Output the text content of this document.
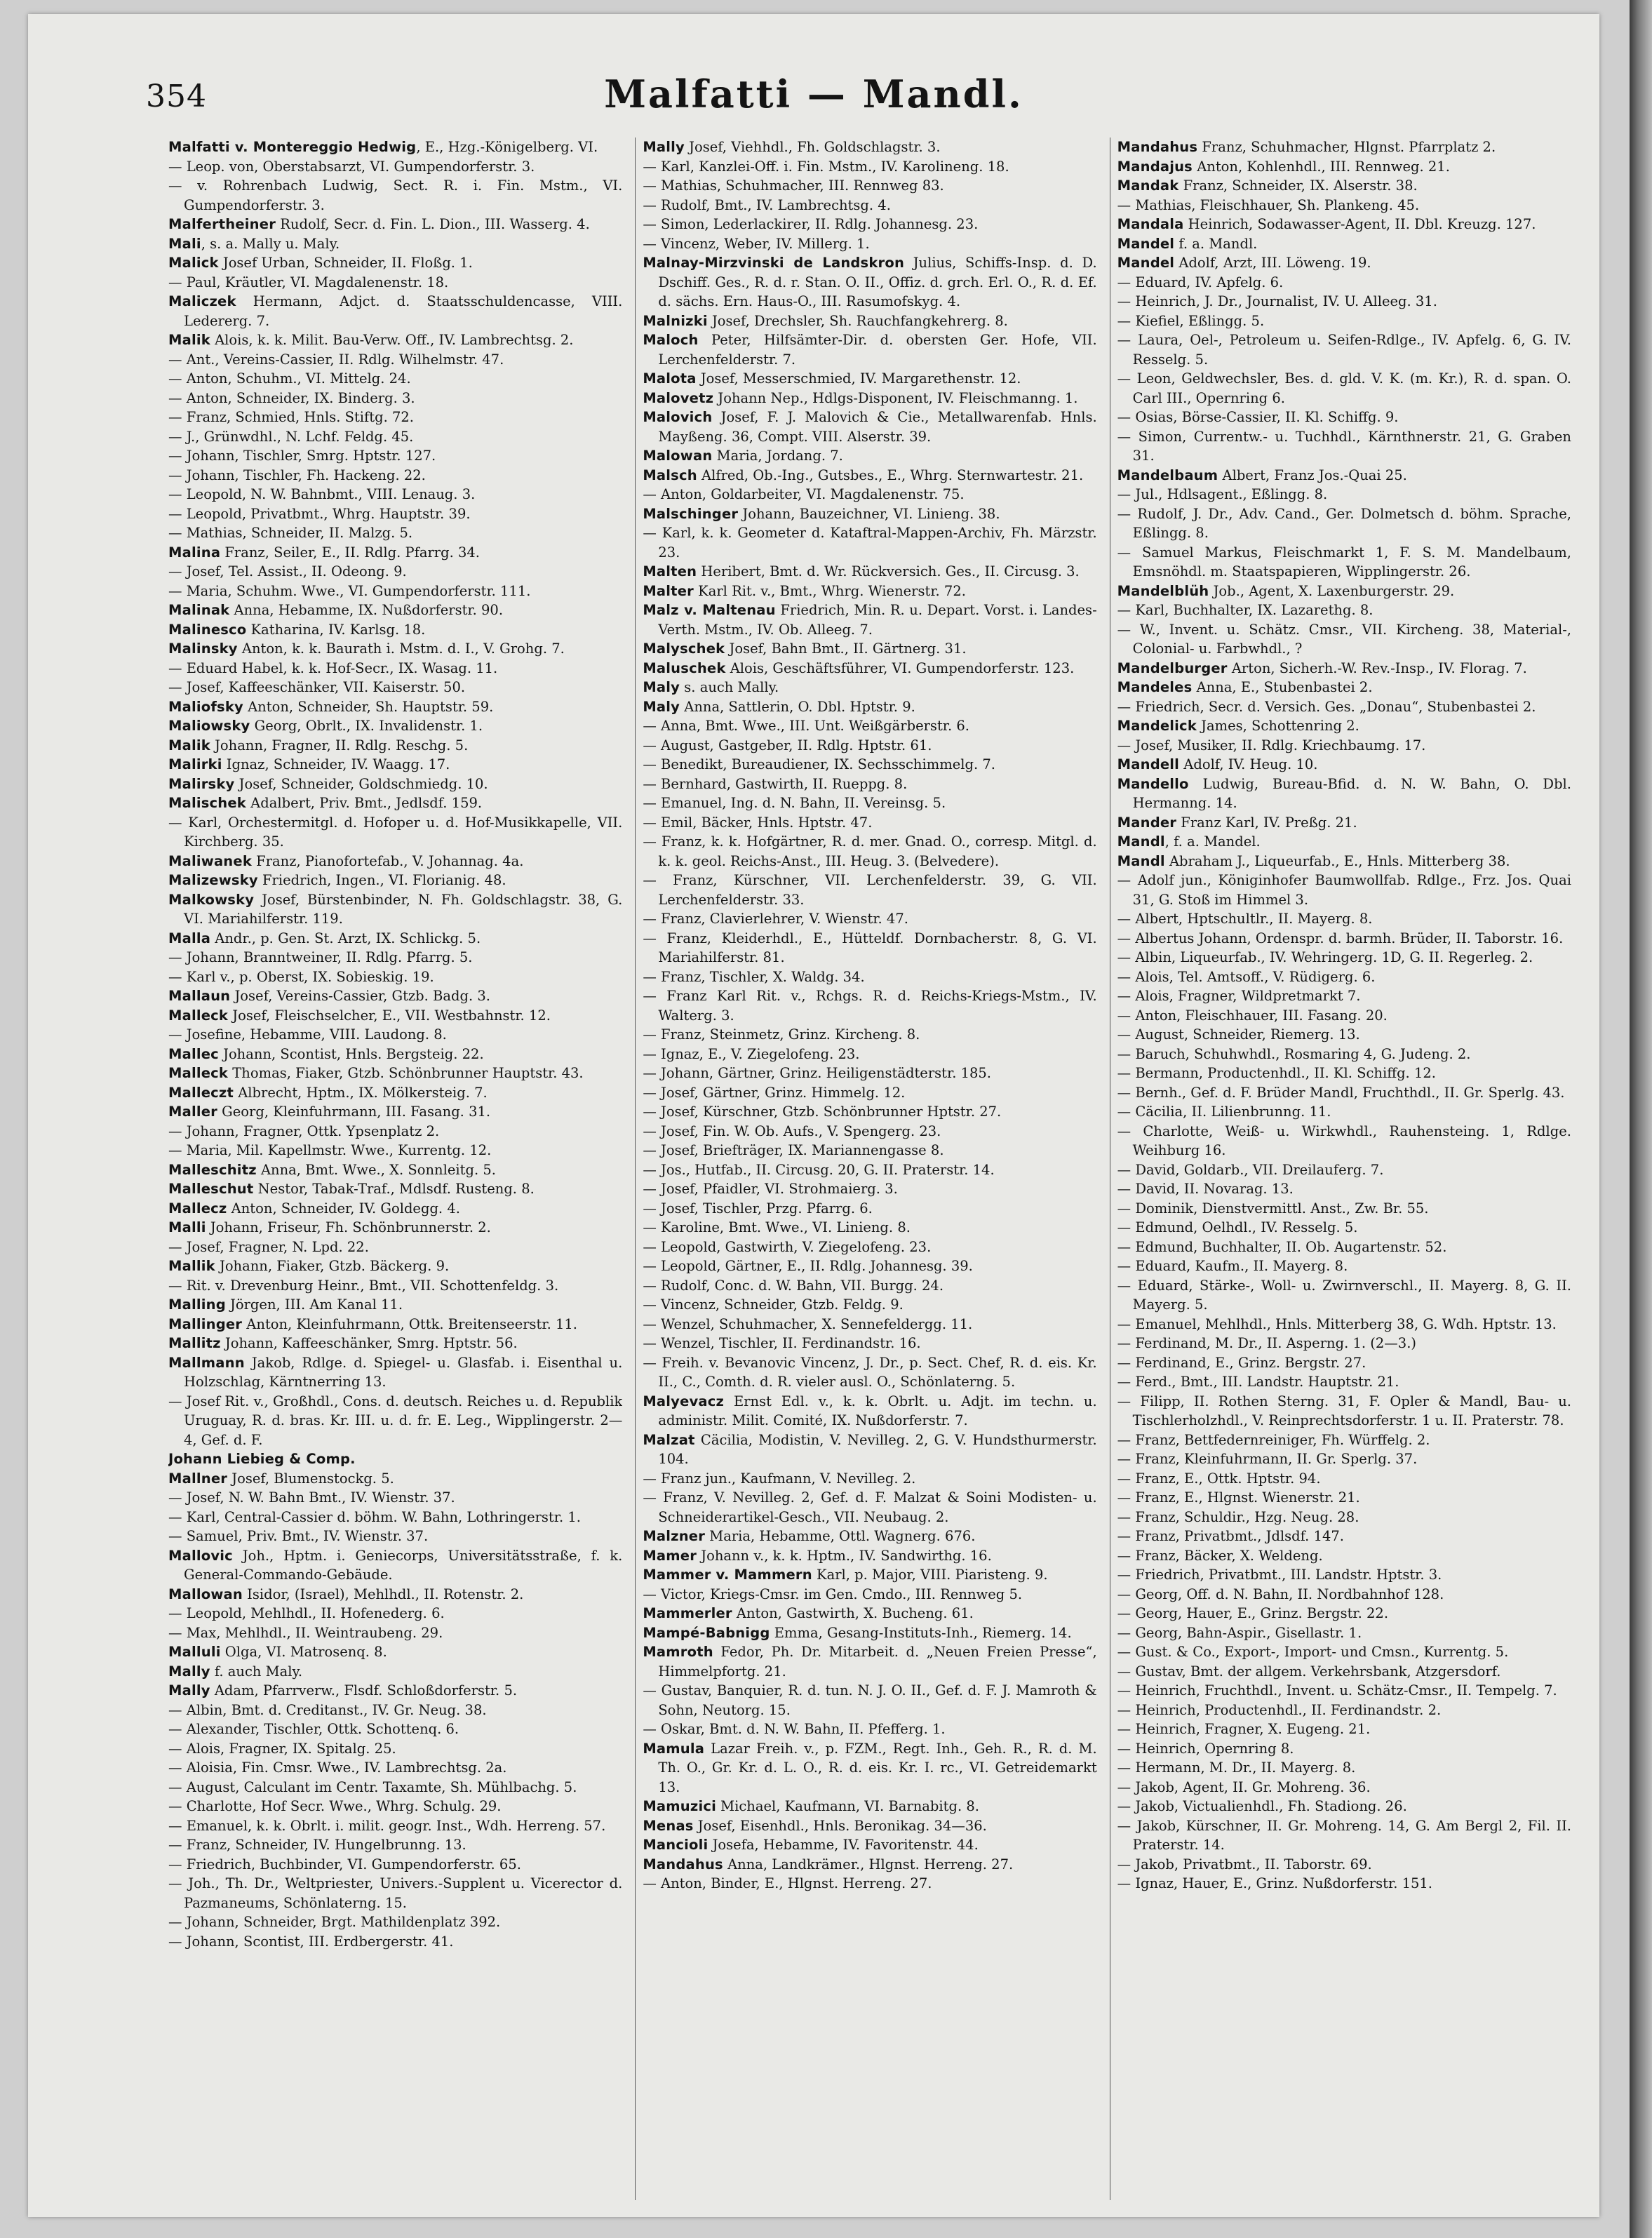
354	Malfatti — Mandl.
Malfatti v. Montereggio Hedwig, E., Hzg.-Königelberg. VI.
— Leop. von, Oberstabsarzt, VI. Gumpendorferstr. 3.
— v. Rohrenbach Ludwig, Sect. R. i. Fin. Mstm., VI. Gumpendorferstr. 3.
Malfertheiner Rudolf, Secr. d. Fin. L. Dion., III. Wasserg. 4.
Mali, s. a. Mally u. Maly.
Malick Josef Urban, Schneider, II. Floßg. 1.
— Paul, Kräutler, VI. Magdalenenstr. 18.
Maliczek Hermann, Adjct. d. Staatsschuldencasse, VIII. Ledererg. 7.
Malik Alois, k. k. Milit. Bau-Verw. Off., IV. Lambrechtsg. 2.
— Ant., Vereins-Cassier, II. Rdlg. Wilhelmstr. 47.
— Anton, Schuhm., VI. Mittelg. 24.
— Anton, Schneider, IX. Binderg. 3.
— Franz, Schmied, Hnls. Stiftg. 72.
— J., Grünwdhl., N. Lchf. Feldg. 45.
— Johann, Tischler, Smrg. Hptstr. 127.
— Johann, Tischler, Fh. Hackeng. 22.
— Leopold, N. W. Bahnbmt., VIII. Lenaug. 3.
— Leopold, Privatbmt., Whrg. Hauptstr. 39.
— Mathias, Schneider, II. Malzg. 5.
Malina Franz, Seiler, E., II. Rdlg. Pfarrg. 34.
— Josef, Tel. Assist., II. Odeong. 9.
— Maria, Schuhm. Wwe., VI. Gumpendorferstr. 111.
Malinak Anna, Hebamme, IX. Nußdorferstr. 90.
Malinesco Katharina, IV. Karlsg. 18.
Malinsky Anton, k. k. Baurath i. Mstm. d. I., V. Grohg. 7.
— Eduard Habel, k. k. Hof-Secr., IX. Wasag. 11.
— Josef, Kaffeeschänker, VII. Kaiserstr. 50.
Maliofsky Anton, Schneider, Sh. Hauptstr. 59.
Maliowsky Georg, Obrlt., IX. Invalidenstr. 1.
Malik Johann, Fragner, II. Rdlg. Reschg. 5.
Malirki Ignaz, Schneider, IV. Waagg. 17.
Malirsky Josef, Schneider, Goldschmiedg. 10.
Malischek Adalbert, Priv. Bmt., Jedlsdf. 159.
— Karl, Orchestermitgl. d. Hofoper u. d. Hof-Musikkapelle, VII. Kirchberg. 35.
Maliwanek Franz, Pianofortefab., V. Johannag. 4a.
Malizewsky Friedrich, Ingen., VI. Florianig. 48.
Malkowsky Josef, Bürstenbinder, N. Fh. Goldschlagstr. 38, G. VI. Mariahilferstr. 119.
Malla Andr., p. Gen. St. Arzt, IX. Schlickg. 5.
— Johann, Branntweiner, II. Rdlg. Pfarrg. 5.
— Karl v., p. Oberst, IX. Sobieskig. 19.
Mallaun Josef, Vereins-Cassier, Gtzb. Badg. 3.
Malleck Josef, Fleischselcher, E., VII. Westbahnstr. 12.
— Josefine, Hebamme, VIII. Laudong. 8.
Mallec Johann, Scontist, Hnls. Bergsteig. 22.
Malleck Thomas, Fiaker, Gtzb. Schönbrunner Hauptstr. 43.
Malleczt Albrecht, Hptm., IX. Mölkersteig. 7.
Maller Georg, Kleinfuhrmann, III. Fasang. 31.
— Johann, Fragner, Ottk. Ypsenplatz 2.
— Maria, Mil. Kapellmstr. Wwe., Kurrentg. 12.
Malleschitz Anna, Bmt. Wwe., X. Sonnleitg. 5.
Malleschut Nestor, Tabak-Traf., Mdlsdf. Rusteng. 8.
Mallecz Anton, Schneider, IV. Goldegg. 4.
Malli Johann, Friseur, Fh. Schönbrunnerstr. 2.
— Josef, Fragner, N. Lpd. 22.
Mallik Johann, Fiaker, Gtzb. Bäckerg. 9.
— Rit. v. Drevenburg Heinr., Bmt., VII. Schottenfeldg. 3.
Malling Jörgen, III. Am Kanal 11.
Mallinger Anton, Kleinfuhrmann, Ottk. Breitenseerstr. 11.
Mallitz Johann, Kaffeeschänker, Smrg. Hptstr. 56.
Mallmann Jakob, Rdlge. d. Spiegel- u. Glasfab. i. Eisenthal u. Holzschlag, Kärntnerring 13.
— Josef Rit. v., Großhdl., Cons. d. deutsch. Reiches u. d. Republik Uruguay, R. d. bras. Kr. III. u. d. fr. E. Leg., Wipplingerstr. 2—4, Gef. d. F.
Johann Liebieg & Comp.
Mallner Josef, Blumenstockg. 5.
— Josef, N. W. Bahn Bmt., IV. Wienstr. 37.
— Karl, Central-Cassier d. böhm. W. Bahn, Lothringerstr. 1.
— Samuel, Priv. Bmt., IV. Wienstr. 37.
Mallovic Joh., Hptm. i. Geniecorps, Universitätsstraße, f. k. General-Commando-Gebäude.
Mallowan Isidor, (Israel), Mehlhdl., II. Rotenstr. 2.
— Leopold, Mehlhdl., II. Hofenederg. 6.
— Max, Mehlhdl., II. Weintraubeng. 29.
Malluli Olga, VI. Matrosenq. 8.
Mally f. auch Maly.
Mally Adam, Pfarrverw., Flsdf. Schloßdorferstr. 5.
— Albin, Bmt. d. Creditanst., IV. Gr. Neug. 38.
— Alexander, Tischler, Ottk. Schottenq. 6.
— Alois, Fragner, IX. Spitalg. 25.
— Aloisia, Fin. Cmsr. Wwe., IV. Lambrechtsg. 2a.
— August, Calculant im Centr. Taxamte, Sh. Mühlbachg. 5.
— Charlotte, Hof Secr. Wwe., Whrg. Schulg. 29.
— Emanuel, k. k. Obrlt. i. milit. geogr. Inst., Wdh. Herreng. 57.
— Franz, Schneider, IV. Hungelbrunng. 13.
— Friedrich, Buchbinder, VI. Gumpendorferstr. 65.
— Joh., Th. Dr., Weltpriester, Univers.-Supplent u. Vicerector d. Pazmaneums, Schönlaterng. 15.
— Johann, Schneider, Brgt. Mathildenplatz 392.
— Johann, Scontist, III. Erdbergerstr. 41.
Mally Josef, Viehhdl., Fh. Goldschlagstr. 3.
— Karl, Kanzlei-Off. i. Fin. Mstm., IV. Karolineng. 18.
— Mathias, Schuhmacher, III. Rennweg 83.
— Rudolf, Bmt., IV. Lambrechtsg. 4.
— Simon, Lederlackirer, II. Rdlg. Johannesg. 23.
— Vincenz, Weber, IV. Millerg. 1.
Malnay-Mirzvinski de Landskron Julius, Schiffs-Insp. d. D. Dschiff. Ges., R. d. r. Stan. O. II., Offiz. d. grch. Erl. O., R. d. Ef. d. sächs. Ern. Haus-O., III. Rasumofskyg. 4.
Malnizki Josef, Drechsler, Sh. Rauchfangkehrerg. 8.
Maloch Peter, Hilfsämter-Dir. d. obersten Ger. Hofe, VII. Lerchenfelderstr. 7.
Malota Josef, Messerschmied, IV. Margarethenstr. 12.
Malovetz Johann Nep., Hdlgs-Disponent, IV. Fleischmanng. 1.
Malovich Josef, F. J. Malovich & Cie., Metallwarenfab. Hnls. Mayßeng. 36, Compt. VIII. Alserstr. 39.
Malowan Maria, Jordang. 7.
Malsch Alfred, Ob.-Ing., Gutsbes., E., Whrg. Sternwartestr. 21.
— Anton, Goldarbeiter, VI. Magdalenenstr. 75.
Malschinger Johann, Bauzeichner, VI. Linieng. 38.
— Karl, k. k. Geometer d. Kataftral-Mappen-Archiv, Fh. Märzstr. 23.
Malten Heribert, Bmt. d. Wr. Rückversich. Ges., II. Circusg. 3.
Malter Karl Rit. v., Bmt., Whrg. Wienerstr. 72.
Malz v. Maltenau Friedrich, Min. R. u. Depart. Vorst. i. Landes-Verth. Mstm., IV. Ob. Alleeg. 7.
Malyschek Josef, Bahn Bmt., II. Gärtnerg. 31.
Maluschek Alois, Geschäftsführer, VI. Gumpendorferstr. 123.
Maly s. auch Mally.
Maly Anna, Sattlerin, O. Dbl. Hptstr. 9.
— Anna, Bmt. Wwe., III. Unt. Weißgärberstr. 6.
— August, Gastgeber, II. Rdlg. Hptstr. 61.
— Benedikt, Bureaudiener, IX. Sechsschimmelg. 7.
— Bernhard, Gastwirth, II. Rueppg. 8.
— Emanuel, Ing. d. N. Bahn, II. Vereinsg. 5.
— Emil, Bäcker, Hnls. Hptstr. 47.
— Franz, k. k. Hofgärtner, R. d. mer. Gnad. O., corresp. Mitgl. d. k. k. geol. Reichs-Anst., III. Heug. 3. (Belvedere).
— Franz, Kürschner, VII. Lerchenfelderstr. 39, G. VII. Lerchenfelderstr. 33.
— Franz, Clavierlehrer, V. Wienstr. 47.
— Franz, Kleiderhdl., E., Hütteldf. Dornbacherstr. 8, G. VI. Mariahilferstr. 81.
— Franz, Tischler, X. Waldg. 34.
— Franz Karl Rit. v., Rchgs. R. d. Reichs-Kriegs-Mstm., IV. Walterg. 3.
— Franz, Steinmetz, Grinz. Kircheng. 8.
— Ignaz, E., V. Ziegelofeng. 23.
— Johann, Gärtner, Grinz. Heiligenstädterstr. 185.
— Josef, Gärtner, Grinz. Himmelg. 12.
— Josef, Kürschner, Gtzb. Schönbrunner Hptstr. 27.
— Josef, Fin. W. Ob. Aufs., V. Spengerg. 23.
— Josef, Briefträger, IX. Mariannengasse 8.
— Jos., Hutfab., II. Circusg. 20, G. II. Praterstr. 14.
— Josef, Pfaidler, VI. Strohmaierg. 3.
— Josef, Tischler, Przg. Pfarrg. 6.
— Karoline, Bmt. Wwe., VI. Linieng. 8.
— Leopold, Gastwirth, V. Ziegelofeng. 23.
— Leopold, Gärtner, E., II. Rdlg. Johannesg. 39.
— Rudolf, Conc. d. W. Bahn, VII. Burgg. 24.
— Vincenz, Schneider, Gtzb. Feldg. 9.
— Wenzel, Schuhmacher, X. Sennefeldergg. 11.
— Wenzel, Tischler, II. Ferdinandstr. 16.
— Freih. v. Bevanovic Vincenz, J. Dr., p. Sect. Chef, R. d. eis. Kr. II., C., Comth. d. R. vieler ausl. O., Schönlaterng. 5.
Malyevacz Ernst Edl. v., k. k. Obrlt. u. Adjt. im techn. u. administr. Milit. Comité, IX. Nußdorferstr. 7.
Malzat Cäcilia, Modistin, V. Nevilleg. 2, G. V. Hundsthurmerstr. 104.
— Franz jun., Kaufmann, V. Nevilleg. 2.
— Franz, V. Nevilleg. 2, Gef. d. F. Malzat & Soini Modisten- u. Schneiderartikel-Gesch., VII. Neubaug. 2.
Malzner Maria, Hebamme, Ottl. Wagnerg. 676.
Mamer Johann v., k. k. Hptm., IV. Sandwirthg. 16.
Mammer v. Mammern Karl, p. Major, VIII. Piaristeng. 9.
— Victor, Kriegs-Cmsr. im Gen. Cmdo., III. Rennweg 5.
Mammerler Anton, Gastwirth, X. Bucheng. 61.
Mampé-Babnigg Emma, Gesang-Instituts-Inh., Riemerg. 14.
Mamroth Fedor, Ph. Dr. Mitarbeit. d. „Neuen Freien Presse“, Himmelpfortg. 21.
— Gustav, Banquier, R. d. tun. N. J. O. II., Gef. d. F. J. Mamroth & Sohn, Neutorg. 15.
— Oskar, Bmt. d. N. W. Bahn, II. Pfefferg. 1.
Mamula Lazar Freih. v., p. FZM., Regt. Inh., Geh. R., R. d. M. Th. O., Gr. Kr. d. L. O., R. d. eis. Kr. I. rc., VI. Getreidemarkt 13.
Mamuzici Michael, Kaufmann, VI. Barnabitg. 8.
Menas Josef, Eisenhdl., Hnls. Beronikag. 34—36.
Mancioli Josefa, Hebamme, IV. Favoritenstr. 44.
Mandahus Anna, Landkrämer., Hlgnst. Herreng. 27.
— Anton, Binder, E., Hlgnst. Herreng. 27.
Mandahus Franz, Schuhmacher, Hlgnst. Pfarrplatz 2.
Mandajus Anton, Kohlenhdl., III. Rennweg. 21.
Mandak Franz, Schneider, IX. Alserstr. 38.
— Mathias, Fleischhauer, Sh. Plankeng. 45.
Mandala Heinrich, Sodawasser-Agent, II. Dbl. Kreuzg. 127.
Mandel f. a. Mandl.
Mandel Adolf, Arzt, III. Löweng. 19.
— Eduard, IV. Apfelg. 6.
— Heinrich, J. Dr., Journalist, IV. U. Alleeg. 31.
— Kiefiel, Eßlingg. 5.
— Laura, Oel-, Petroleum u. Seifen-Rdlge., IV. Apfelg. 6, G. IV. Resselg. 5.
— Leon, Geldwechsler, Bes. d. gld. V. K. (m. Kr.), R. d. span. O. Carl III., Opernring 6.
— Osias, Börse-Cassier, II. Kl. Schiffg. 9.
— Simon, Currentw.- u. Tuchhdl., Kärnthnerstr. 21, G. Graben 31.
Mandelbaum Albert, Franz Jos.-Quai 25.
— Jul., Hdlsagent., Eßlingg. 8.
— Rudolf, J. Dr., Adv. Cand., Ger. Dolmetsch d. böhm. Sprache, Eßlingg. 8.
— Samuel Markus, Fleischmarkt 1, F. S. M. Mandelbaum, Emsnöhdl. m. Staatspapieren, Wipplingerstr. 26.
Mandelblüh Job., Agent, X. Laxenburgerstr. 29.
— Karl, Buchhalter, IX. Lazarethg. 8.
— W., Invent. u. Schätz. Cmsr., VII. Kircheng. 38, Material-, Colonial- u. Farbwhdl., ?
Mandelburger Arton, Sicherh.-W. Rev.-Insp., IV. Florag. 7.
Mandeles Anna, E., Stubenbastei 2.
— Friedrich, Secr. d. Versich. Ges. „Donau“, Stubenbastei 2.
Mandelick James, Schottenring 2.
— Josef, Musiker, II. Rdlg. Kriechbaumg. 17.
Mandell Adolf, IV. Heug. 10.
Mandello Ludwig, Bureau-Bfid. d. N. W. Bahn, O. Dbl. Hermanng. 14.
Mander Franz Karl, IV. Preßg. 21.
Mandl, f. a. Mandel.
Mandl Abraham J., Liqueurfab., E., Hnls. Mitterberg 38.
— Adolf jun., Königinhofer Baumwollfab. Rdlge., Frz. Jos. Quai 31, G. Stoß im Himmel 3.
— Albert, Hptschultlr., II. Mayerg. 8.
— Albertus Johann, Ordenspr. d. barmh. Brüder, II. Taborstr. 16.
— Albin, Liqueurfab., IV. Wehringerg. 1D, G. II. Regerleg. 2.
— Alois, Tel. Amtsoff., V. Rüdigerg. 6.
— Alois, Fragner, Wildpretmarkt 7.
— Anton, Fleischhauer, III. Fasang. 20.
— August, Schneider, Riemerg. 13.
— Baruch, Schuhwhdl., Rosmaring 4, G. Judeng. 2.
— Bermann, Productenhdl., II. Kl. Schiffg. 12.
— Bernh., Gef. d. F. Brüder Mandl, Fruchthdl., II. Gr. Sperlg. 43.
— Cäcilia, II. Lilienbrunng. 11.
— Charlotte, Weiß- u. Wirkwhdl., Rauhensteing. 1, Rdlge. Weihburg 16.
— David, Goldarb., VII. Dreilauferg. 7.
— David, II. Novarag. 13.
— Dominik, Dienstvermittl. Anst., Zw. Br. 55.
— Edmund, Oelhdl., IV. Resselg. 5.
— Edmund, Buchhalter, II. Ob. Augartenstr. 52.
— Eduard, Kaufm., II. Mayerg. 8.
— Eduard, Stärke-, Woll- u. Zwirnverschl., II. Mayerg. 8, G. II. Mayerg. 5.
— Emanuel, Mehlhdl., Hnls. Mitterberg 38, G. Wdh. Hptstr. 13.
— Ferdinand, M. Dr., II. Asperng. 1. (2—3.)
— Ferdinand, E., Grinz. Bergstr. 27.
— Ferd., Bmt., III. Landstr. Hauptstr. 21.
— Filipp, II. Rothen Sterng. 31, F. Opler & Mandl, Bau- u. Tischlerholzhdl., V. Reinprechtsdorferstr. 1 u. II. Praterstr. 78.
— Franz, Bettfedernreiniger, Fh. Würffelg. 2.
— Franz, Kleinfuhrmann, II. Gr. Sperlg. 37.
— Franz, E., Ottk. Hptstr. 94.
— Franz, E., Hlgnst. Wienerstr. 21.
— Franz, Schuldir., Hzg. Neug. 28.
— Franz, Privatbmt., Jdlsdf. 147.
— Franz, Bäcker, X. Weldeng.
— Friedrich, Privatbmt., III. Landstr. Hptstr. 3.
— Georg, Off. d. N. Bahn, II. Nordbahnhof 128.
— Georg, Hauer, E., Grinz. Bergstr. 22.
— Georg, Bahn-Aspir., Gisellastr. 1.
— Gust. & Co., Export-, Import- und Cmsn., Kurrentg. 5.
— Gustav, Bmt. der allgem. Verkehrsbank, Atzgersdorf.
— Heinrich, Fruchthdl., Invent. u. Schätz-Cmsr., II. Tempelg. 7.
— Heinrich, Productenhdl., II. Ferdinandstr. 2.
— Heinrich, Fragner, X. Eugeng. 21.
— Heinrich, Opernring 8.
— Hermann, M. Dr., II. Mayerg. 8.
— Jakob, Agent, II. Gr. Mohreng. 36.
— Jakob, Victualienhdl., Fh. Stadiong. 26.
— Jakob, Kürschner, II. Gr. Mohreng. 14, G. Am Bergl 2, Fil. II. Praterstr. 14.
— Jakob, Privatbmt., II. Taborstr. 69.
— Ignaz, Hauer, E., Grinz. Nußdorferstr. 151.
